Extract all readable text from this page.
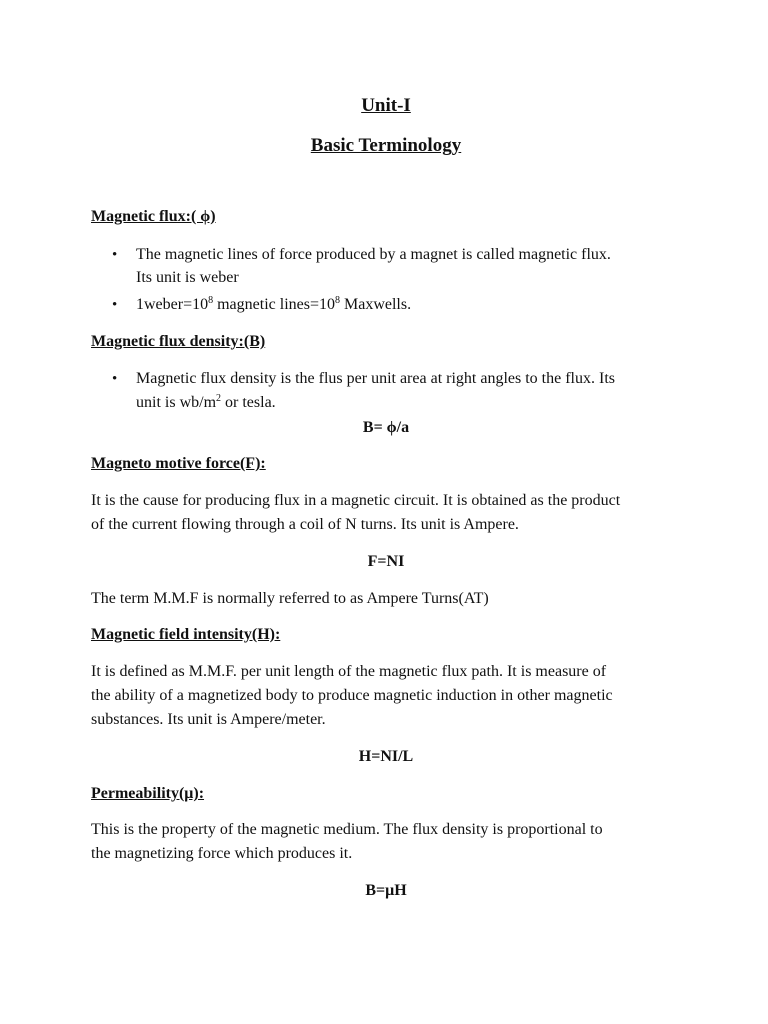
Unit-I
Basic Terminology
Magnetic flux:( ϕ)
• The magnetic lines of force produced by a magnet is called magnetic flux.
Its unit is weber
• $1weber=10^8$ magnetic $lines=10^8$ Maxwells.
Magnetic flux density:(B)
• Magnetic flux density is the flus per unit area at right angles to the flux. Its
unit is $wb/m^2$ or tesla.
B= ϕ/a
Magneto motive force(F):
It is the cause for producing flux in a magnetic circuit. It is obtained as the product
of the current flowing through a coil of N turns. Its unit is Ampere.
F=NI
The term M.M.F is normally referred to as Ampere Turns(AT)
Magnetic field intensity(H):
It is defined as M.M.F. per unit length of the magnetic flux path. It is measure of
the ability of a magnetized body to produce magnetic induction in other magnetic
substances. Its unit is Ampere/meter.
H=NI/L
Permeability(μ):
This is the property of the magnetic medium. The flux density is proportional to
the magnetizing force which produces it.
B=μH
